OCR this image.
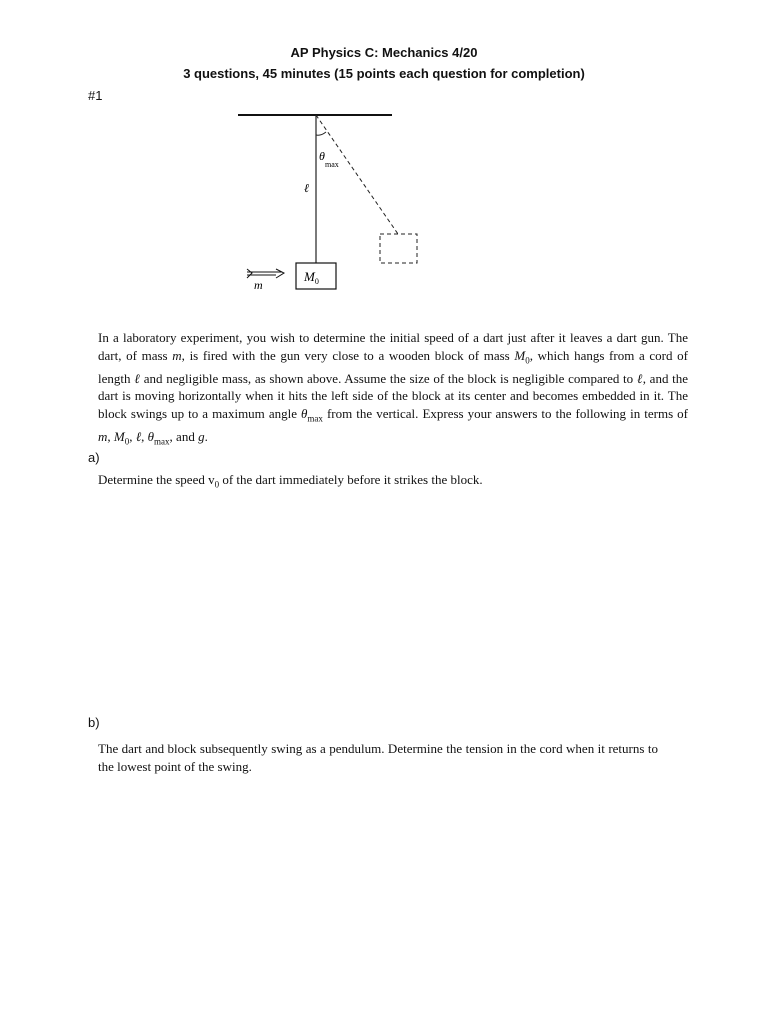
AP Physics C: Mechanics 4/20
3 questions, 45 minutes (15 points each question for completion)
#1
$M_0$
θ
max
ℓ
m
In a laboratory experiment, you wish to determine the initial speed of a dart just after it leaves a dart gun. The dart, of mass m, is fired with the gun very close to a wooden block of mass $M_0$, which hangs from a cord of length ℓ and negligible mass, as shown above. Assume the size of the block is negligible compared to ℓ, and the dart is moving horizontally when it hits the left side of the block at its center and becomes embedded in it. The block swings up to a maximum angle $\theta_{max}$ from the vertical. Express your answers to the following in terms of m, $M_0$, ℓ, $\theta_{max}$, and g.
a)
Determine the speed $v_0$ of the dart immediately before it strikes the block.
b)
The dart and block subsequently swing as a pendulum. Determine the tension in the cord when it returns to the lowest point of the swing.
